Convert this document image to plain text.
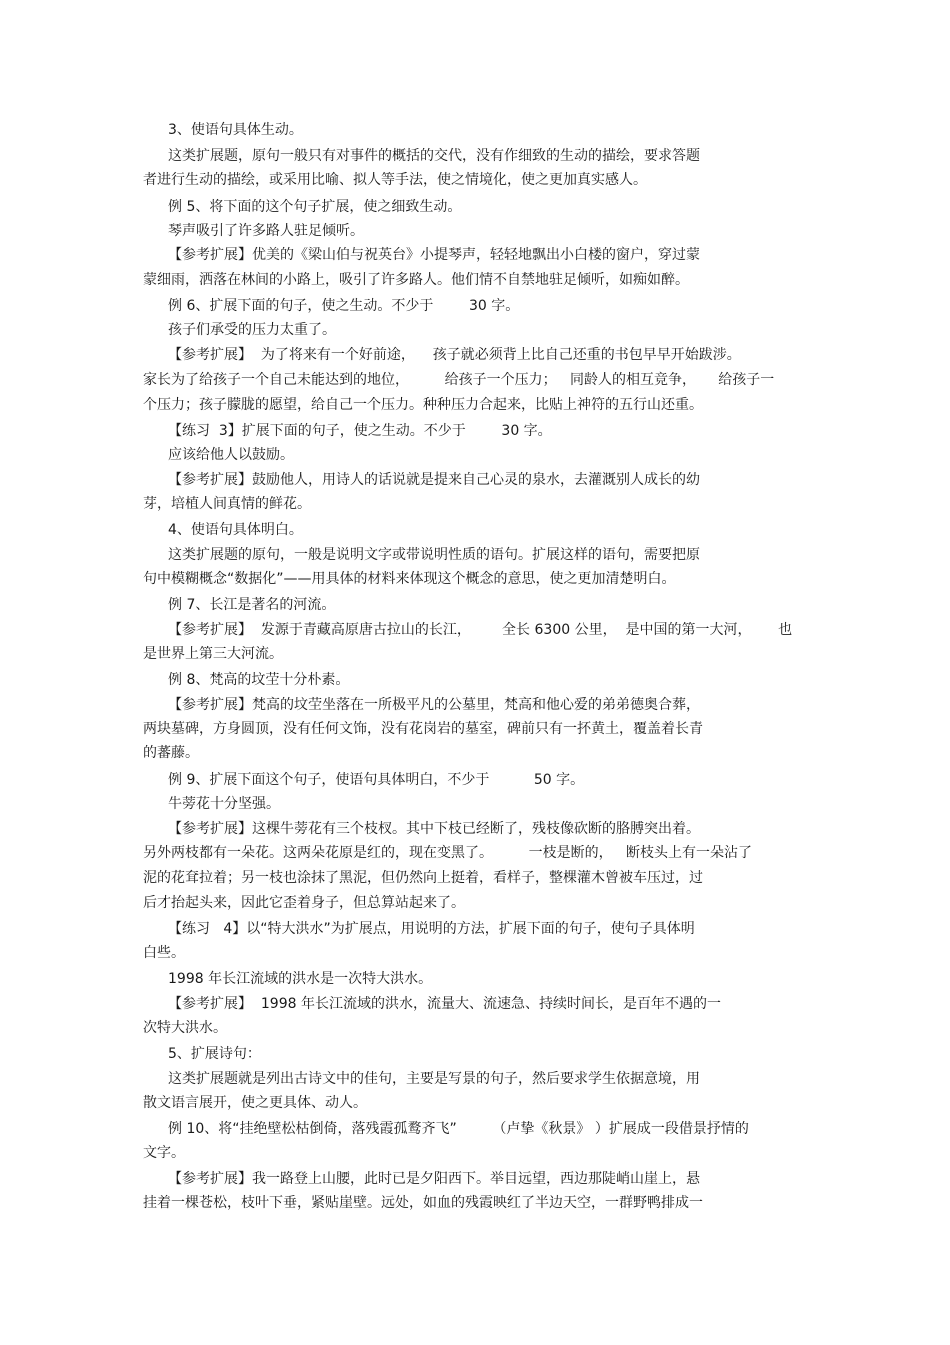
3、使语句具体生动。
这类扩展题，原句一般只有对事件的概括的交代，没有作细致的生动的描绘，要求答题
者进行生动的描绘，或采用比喻、拟人等手法，使之情境化，使之更加真实感人。
例 5、将下面的这个句子扩展，使之细致生动。
琴声吸引了许多路人驻足倾听。
【参考扩展】优美的《梁山伯与祝英台》小提琴声，轻轻地飘出小白楼的窗户，穿过蒙
蒙细雨，洒落在林间的小路上，吸引了许多路人。他们情不自禁地驻足倾听，如痴如醉。
例 6、扩展下面的句子，使之生动。不少于        30 字。
孩子们承受的压力太重了。
【参考扩展】  为了将来有一个好前途，    孩子就必须背上比自己还重的书包早早开始跋涉。
家长为了给孩子一个自己未能达到的地位，        给孩子一个压力；   同龄人的相互竞争，     给孩子一
个压力；孩子朦胧的愿望，给自己一个压力。种种压力合起来，比贴上神符的五行山还重。
【练习  3】扩展下面的句子，使之生动。不少于        30 字。
应该给他人以鼓励。
【参考扩展】鼓励他人，用诗人的话说就是提来自己心灵的泉水，去灌溉别人成长的幼
芽，培植人间真情的鲜花。
4、使语句具体明白。
这类扩展题的原句，一般是说明文字或带说明性质的语句。扩展这样的语句，需要把原
句中模糊概念“数据化”——用具体的材料来体现这个概念的意思，使之更加清楚明白。
例 7、长江是著名的河流。
【参考扩展】  发源于青藏高原唐古拉山的长江，       全长 6300 公里，  是中国的第一大河，      也
是世界上第三大河流。
例 8、梵高的坟茔十分朴素。
【参考扩展】梵高的坟茔坐落在一所极平凡的公墓里，梵高和他心爱的弟弟德奥合葬，
两块墓碑，方身圆顶，没有任何文饰，没有花岗岩的墓室，碑前只有一抔黄土，覆盖着长青
的蕃藤。
例 9、扩展下面这个句子，使语句具体明白，不少于          50 字。
牛蒡花十分坚强。
【参考扩展】这棵牛蒡花有三个枝杈。其中下枝已经断了，残枝像砍断的胳膊突出着。
另外两枝都有一朵花。这两朵花原是红的，现在变黑了。        一枝是断的，   断枝头上有一朵沾了
泥的花耷拉着；另一枝也涂抹了黑泥，但仍然向上挺着，看样子，整棵灌木曾被车压过，过
后才抬起头来，因此它歪着身子，但总算站起来了。
【练习   4】以“特大洪水”为扩展点，用说明的方法，扩展下面的句子，使句子具体明
白些。
1998 年长江流域的洪水是一次特大洪水。
【参考扩展】  1998 年长江流域的洪水，流量大、流速急、持续时间长，是百年不遇的一
次特大洪水。
5、扩展诗句：
这类扩展题就是列出古诗文中的佳句，主要是写景的句子，然后要求学生依据意境，用
散文语言展开，使之更具体、动人。
例 10、将“挂绝壁松枯倒倚，落残霞孤鹜齐飞”        （卢挚《秋景》 ）扩展成一段借景抒情的
文字。
【参考扩展】我一路登上山腰，此时已是夕阳西下。举目远望，西边那陡峭山崖上，悬
挂着一棵苍松，枝叶下垂，紧贴崖壁。远处，如血的残霞映红了半边天空，一群野鸭排成一
